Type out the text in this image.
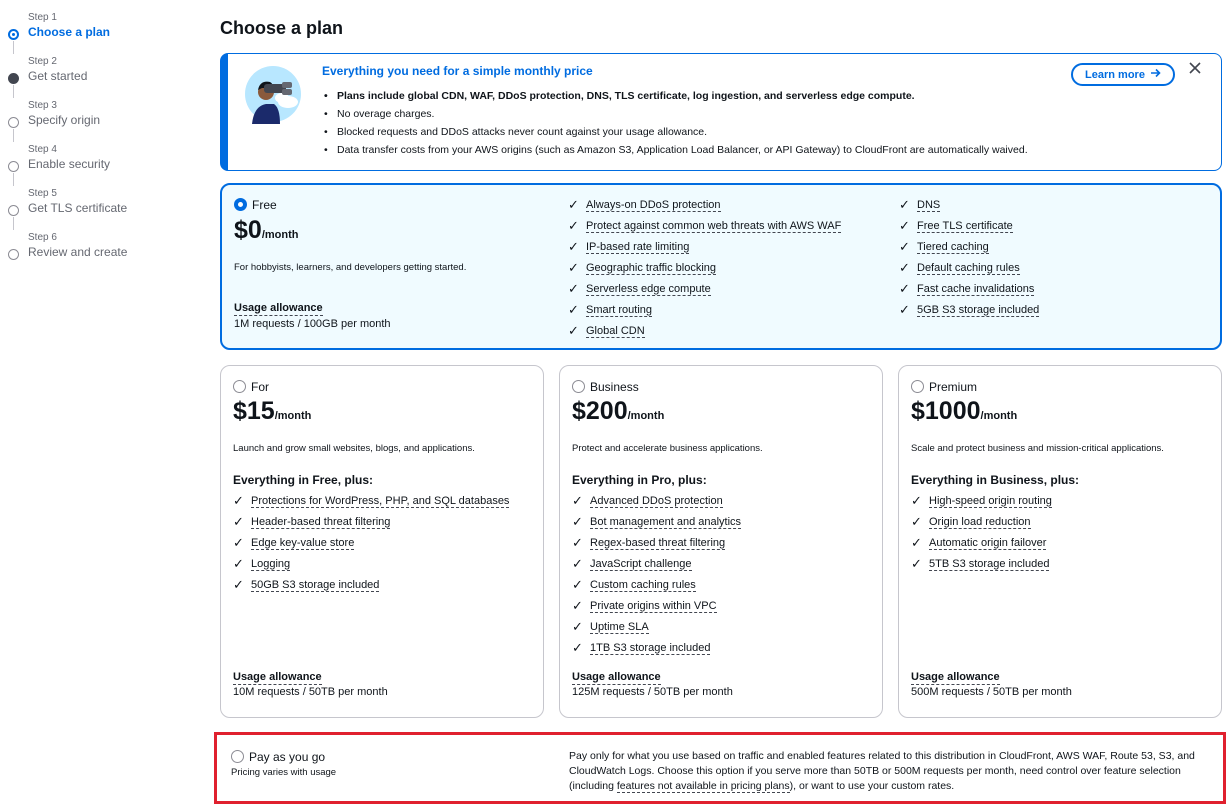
Step 1
Choose a plan
Step 2
Get started
Step 3
Specify origin
Step 4
Enable security
Step 5
Get TLS certificate
Step 6
Review and create
Choose a plan
Everything you need for a simple monthly price
• Plans include global CDN, WAF, DDoS protection, DNS, TLS certificate, log ingestion, and serverless edge compute.
• No overage charges.
• Blocked requests and DDoS attacks never count against your usage allowance.
• Data transfer costs from your AWS origins (such as Amazon S3, Application Load Balancer, or API Gateway) to CloudFront are automatically waived.
Learn more
Free
$0/month
For hobbyists, learners, and developers getting started.
Usage allowance
1M requests / 100GB per month
✓ Always-on DDoS protection
✓ Protect against common web threats with AWS WAF
✓ IP-based rate limiting
✓ Geographic traffic blocking
✓ Serverless edge compute
✓ Smart routing
✓ Global CDN
✓ DNS
✓ Free TLS certificate
✓ Tiered caching
✓ Default caching rules
✓ Fast cache invalidations
✓ 5GB S3 storage included
For
$15/month
Launch and grow small websites, blogs, and applications.
Everything in Free, plus:
✓ Protections for WordPress, PHP, and SQL databases
✓ Header-based threat filtering
✓ Edge key-value store
✓ Logging
✓ 50GB S3 storage included
Usage allowance
10M requests / 50TB per month
Business
$200/month
Protect and accelerate business applications.
Everything in Pro, plus:
✓ Advanced DDoS protection
✓ Bot management and analytics
✓ Regex-based threat filtering
✓ JavaScript challenge
✓ Custom caching rules
✓ Private origins within VPC
✓ Uptime SLA
✓ 1TB S3 storage included
Usage allowance
125M requests / 50TB per month
Premium
$1000/month
Scale and protect business and mission-critical applications.
Everything in Business, plus:
✓ High-speed origin routing
✓ Origin load reduction
✓ Automatic origin failover
✓ 5TB S3 storage included
Usage allowance
500M requests / 50TB per month
Pay as you go
Pricing varies with usage
Pay only for what you use based on traffic and enabled features related to this distribution in CloudFront, AWS WAF, Route 53, S3, and CloudWatch Logs. Choose this option if you serve more than 50TB or 500M requests per month, need control over feature selection (including features not available in pricing plans), or want to use your custom rates.
